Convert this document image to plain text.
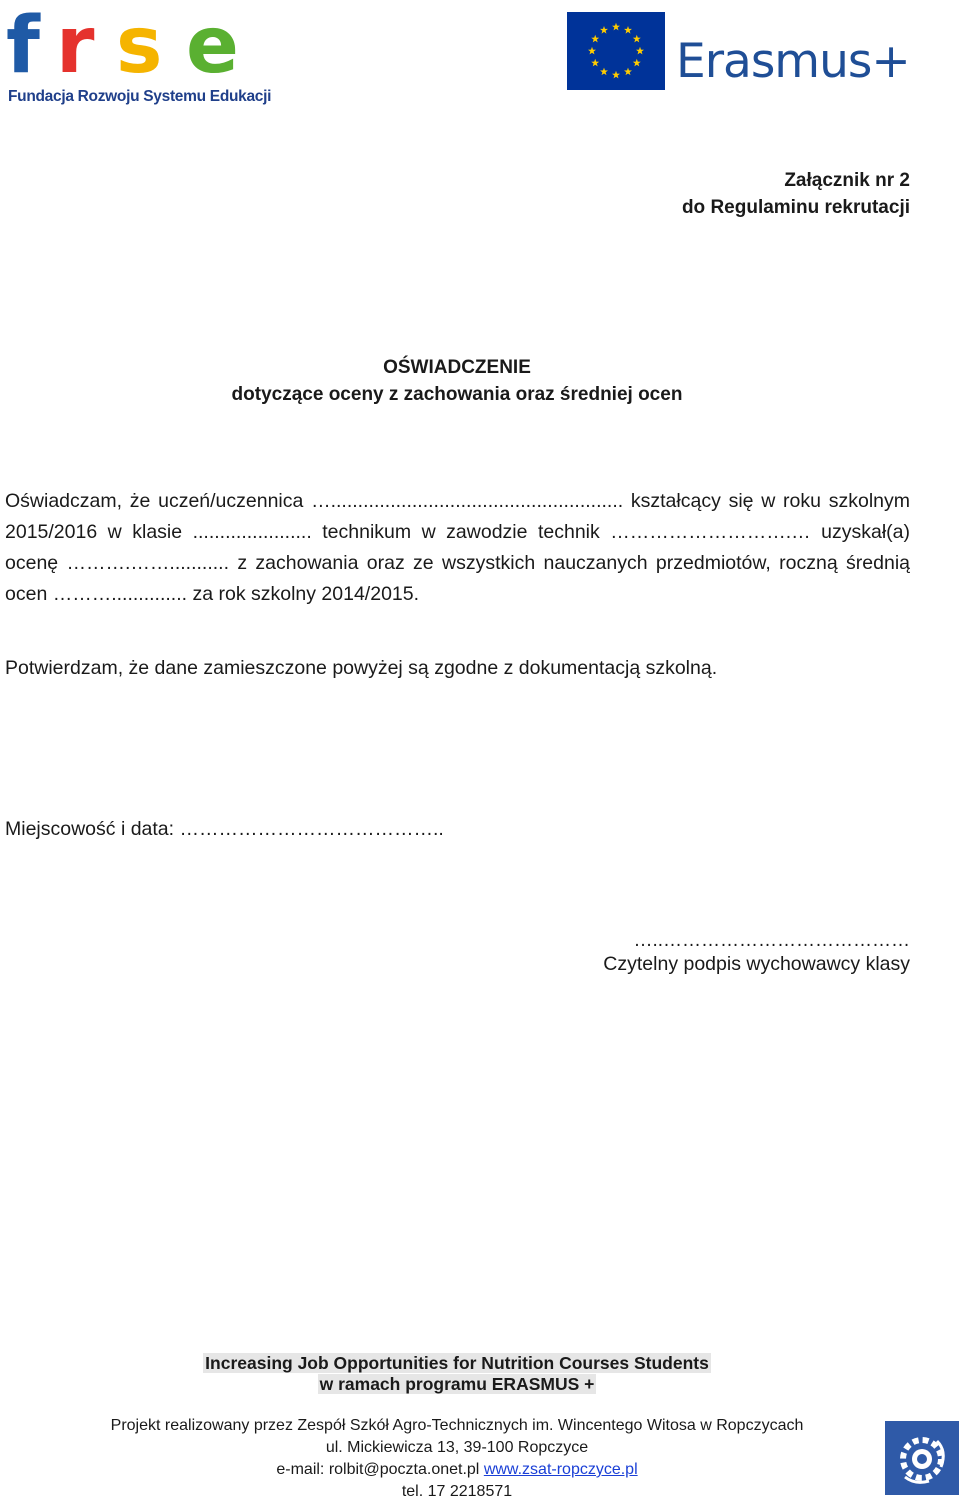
f r s e
Fundacja Rozwoju Systemu Edukacji
Erasmus+
Załącznik nr 2
do Regulaminu rekrutacji
OŚWIADCZENIE
dotyczące oceny z zachowania oraz średniej ocen
Oświadczam, że uczeń/uczennica …...................................................... kształcący się w roku szkolnym 2015/2016 w klasie ...................... technikum w zawodzie technik ……………………….… uzyskał(a) ocenę ……….……........... z zachowania oraz ze wszystkich nauczanych przedmiotów, roczną średnią ocen ……….............. za rok szkolny 2014/2015.
Potwierdzam, że dane zamieszczone powyżej są zgodne z dokumentacją szkolną.
Miejscowość i data: …………………………………..
…..…………………………………
Czytelny podpis wychowawcy klasy
Increasing Job Opportunities for Nutrition Courses Students
w ramach programu ERASMUS +
Projekt realizowany przez Zespół Szkół Agro-Technicznych im. Wincentego Witosa w Ropczycach
ul. Mickiewicza 13, 39-100 Ropczyce
e-mail: rolbit@poczta.onet.pl www.zsat-ropczyce.pl
tel. 17 2218571
